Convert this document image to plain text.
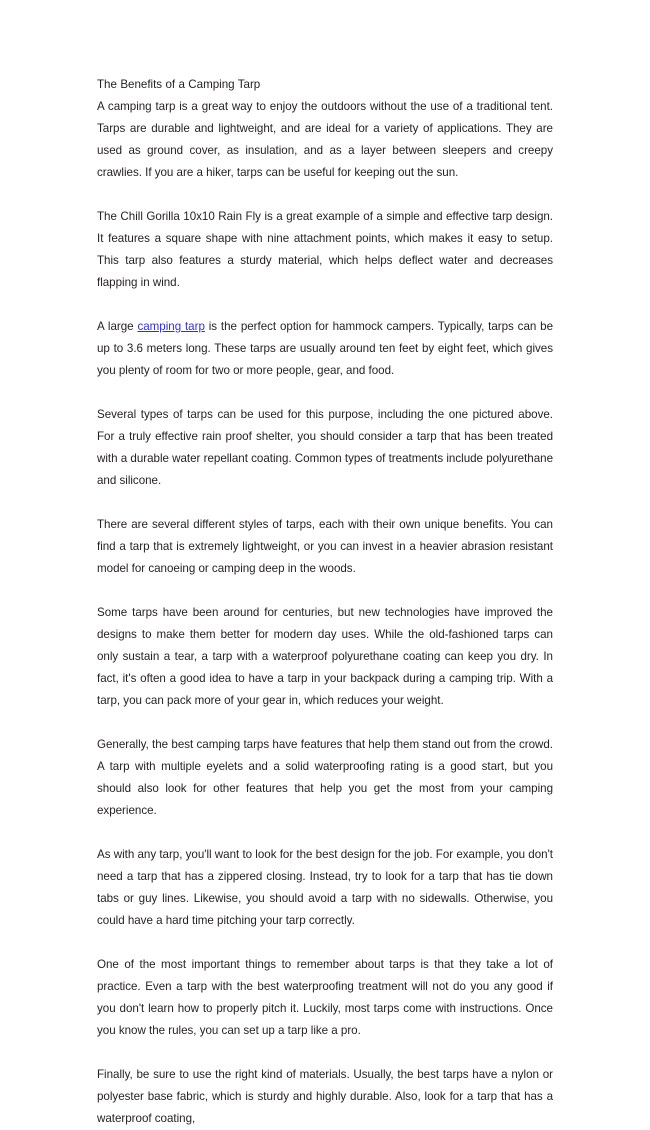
The Benefits of a Camping Tarp

A camping tarp is a great way to enjoy the outdoors without the use of a traditional tent. Tarps are durable and lightweight, and are ideal for a variety of applications. They are used as ground cover, as insulation, and as a layer between sleepers and creepy crawlies. If you are a hiker, tarps can be useful for keeping out the sun.

The Chill Gorilla 10x10 Rain Fly is a great example of a simple and effective tarp design. It features a square shape with nine attachment points, which makes it easy to setup. This tarp also features a sturdy material, which helps deflect water and decreases flapping in wind.

A large camping tarp is the perfect option for hammock campers. Typically, tarps can be up to 3.6 meters long. These tarps are usually around ten feet by eight feet, which gives you plenty of room for two or more people, gear, and food.

Several types of tarps can be used for this purpose, including the one pictured above. For a truly effective rain proof shelter, you should consider a tarp that has been treated with a durable water repellant coating. Common types of treatments include polyurethane and silicone.

There are several different styles of tarps, each with their own unique benefits. You can find a tarp that is extremely lightweight, or you can invest in a heavier abrasion resistant model for canoeing or camping deep in the woods.

Some tarps have been around for centuries, but new technologies have improved the designs to make them better for modern day uses. While the old-fashioned tarps can only sustain a tear, a tarp with a waterproof polyurethane coating can keep you dry. In fact, it's often a good idea to have a tarp in your backpack during a camping trip. With a tarp, you can pack more of your gear in, which reduces your weight.

Generally, the best camping tarps have features that help them stand out from the crowd. A tarp with multiple eyelets and a solid waterproofing rating is a good start, but you should also look for other features that help you get the most from your camping experience.

As with any tarp, you'll want to look for the best design for the job. For example, you don't need a tarp that has a zippered closing. Instead, try to look for a tarp that has tie down tabs or guy lines. Likewise, you should avoid a tarp with no sidewalls. Otherwise, you could have a hard time pitching your tarp correctly.

One of the most important things to remember about tarps is that they take a lot of practice. Even a tarp with the best waterproofing treatment will not do you any good if you don't learn how to properly pitch it. Luckily, most tarps come with instructions. Once you know the rules, you can set up a tarp like a pro.

Finally, be sure to use the right kind of materials. Usually, the best tarps have a nylon or polyester base fabric, which is sturdy and highly durable. Also, look for a tarp that has a waterproof coating,
